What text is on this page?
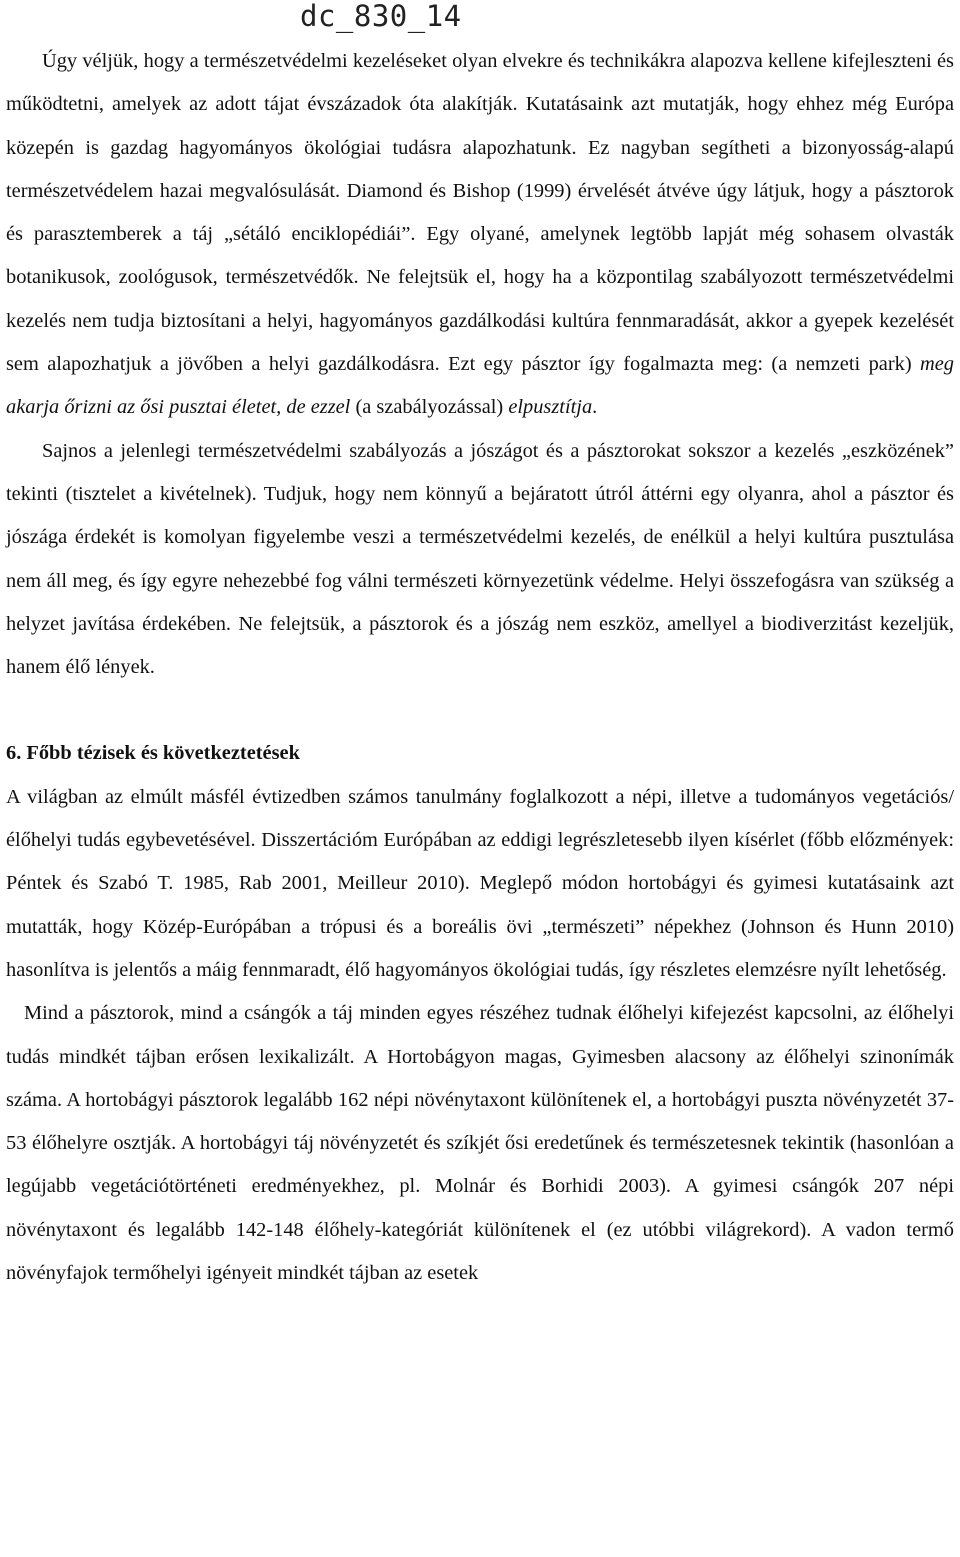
dc_830_14

Úgy véljük, hogy a természetvédelmi kezeléseket olyan elvekre és technikákra alapozva kellene kifejleszteni és működtetni, amelyek az adott tájat évszázadok óta alakítják. Kutatásaink azt mutatják, hogy ehhez még Európa közepén is gazdag hagyományos ökológiai tudásra alapozhatunk. Ez nagyban segítheti a bizonyosság-alapú természetvédelem hazai megvalósulását. Diamond és Bishop (1999) érvelését átvéve úgy látjuk, hogy a pásztorok és parasztemberek a táj „sétáló enciklopédiái”. Egy olyané, amelynek legtöbb lapját még sohasem olvasták botanikusok, zoológusok, természetvédők. Ne felejtsük el, hogy ha a központilag szabályozott természetvédelmi kezelés nem tudja biztosítani a helyi, hagyományos gazdálkodási kultúra fennmaradását, akkor a gyepek kezelését sem alapozhatjuk a jövőben a helyi gazdálkodásra. Ezt egy pásztor így fogalmazta meg: (a nemzeti park) meg akarja őrizni az ősi pusztai életet, de ezzel (a szabályozással) elpusztítja.

Sajnos a jelenlegi természetvédelmi szabályozás a jószágot és a pásztorokat sokszor a kezelés „eszközének” tekinti (tisztelet a kivételnek). Tudjuk, hogy nem könnyű a bejáratott útról áttérni egy olyanra, ahol a pásztor és jószága érdekét is komolyan figyelembe veszi a természetvédelmi kezelés, de enélkül a helyi kultúra pusztulása nem áll meg, és így egyre nehezebbé fog válni természeti környezetünk védelme. Helyi összefogásra van szükség a helyzet javítása érdekében. Ne felejtsük, a pásztorok és a jószág nem eszköz, amellyel a biodiverzitást kezeljük, hanem élő lények.

6. Főbb tézisek és következtetések

A világban az elmúlt másfél évtizedben számos tanulmány foglalkozott a népi, illetve a tudományos vegetációs/élőhelyi tudás egybevetésével. Disszertációm Európában az eddigi legrészletesebb ilyen kísérlet (főbb előzmények: Péntek és Szabó T. 1985, Rab 2001, Meilleur 2010). Meglepő módon hortobágyi és gyimesi kutatásaink azt mutatták, hogy Közép-Európában a trópusi és a boreális övi „természeti” népekhez (Johnson és Hunn 2010) hasonlítva is jelentős a máig fennmaradt, élő hagyományos ökológiai tudás, így részletes elemzésre nyílt lehetőség.

Mind a pásztorok, mind a csángók a táj minden egyes részéhez tudnak élőhelyi kifejezést kapcsolni, az élőhelyi tudás mindkét tájban erősen lexikalizált. A Hortobágyon magas, Gyimesben alacsony az élőhelyi szinonímák száma. A hortobágyi pásztorok legalább 162 népi növénytaxont különítenek el, a hortobágyi puszta növényzetét 37-53 élőhelyre osztják. A hortobágyi táj növényzetét és szíkjét ősi eredetűnek és természetesnek tekintik (hasonlóan a legújabb vegetációtörténeti eredményekhez, pl. Molnár és Borhidi 2003). A gyimesi csángók 207 népi növénytaxont és legalább 142-148 élőhely-kategóriát különítenek el (ez utóbbi világrekord). A vadon termő növényfajok termőhelyi igényeit mindkét tájban az esetek
